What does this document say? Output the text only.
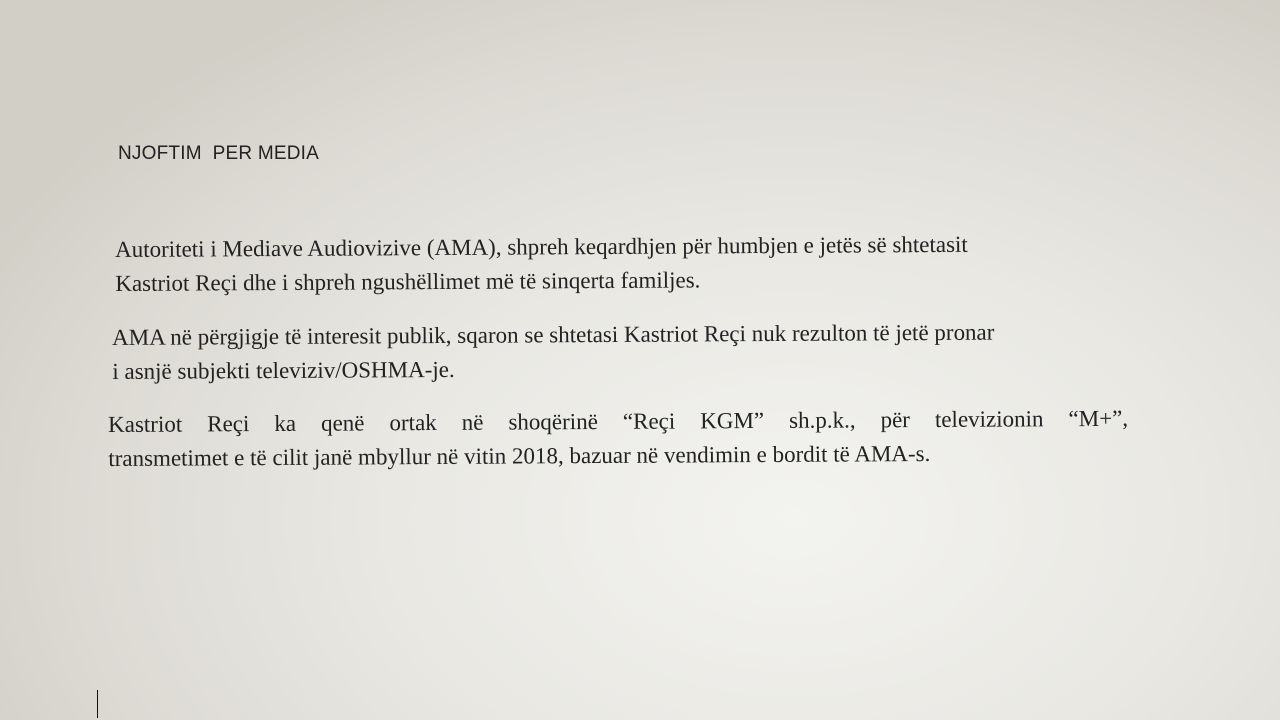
NJOFTIM  PER MEDIA

Autoriteti i Mediave Audiovizive (AMA), shpreh keqardhjen për humbjen e jetës së shtetasit
Kastriot Reçi dhe i shpreh ngushëllimet më të sinqerta familjes.

AMA në përgjigje të interesit publik, sqaron se shtetasi Kastriot Reçi nuk rezulton të jetë pronar
i asnjë subjekti televiziv/OSHMA-je.

Kastriot Reçi ka qenë ortak në shoqërinë “Reçi KGM” sh.p.k., për televizionin “M+”,
transmetimet e të cilit janë mbyllur në vitin 2018, bazuar në vendimin e bordit të AMA-s.
